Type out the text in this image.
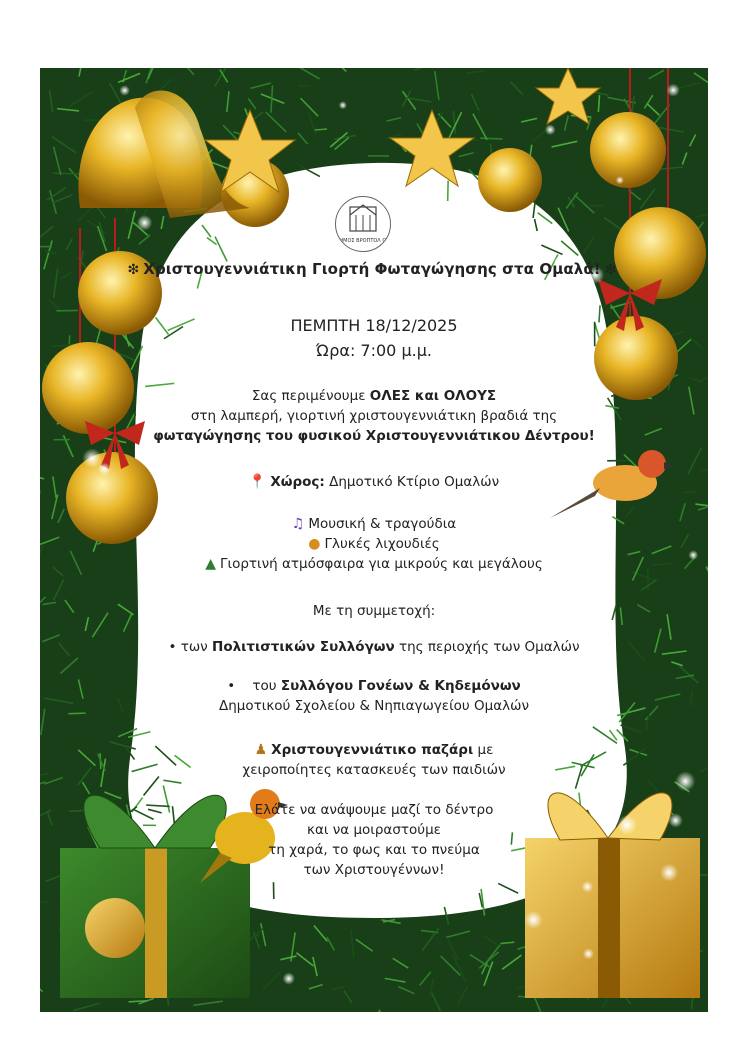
ΔΗΜΟΣ ΒΡΟΠΤΟΛ ΟΝ
❇ Χριστουγεννιάτικη Γιορτή Φωταγώγησης στα Ομαλά! ❇
ΠΕΜΠΤΗ 18/12/2025
Ώρα: 7:00 μ.μ.
Σας περιμένουμε ΟΛΕΣ και ΟΛΟΥΣ
στη λαμπερή, γιορτινή χριστουγεννιάτικη βραδιά της
φωταγώγησης του φυσικού Χριστουγεννιάτικου Δέντρου!
📍 Χώρος: Δημοτικό Κτίριο Ομαλών
♫ Μουσική & τραγούδια
● Γλυκές λιχουδιές
▲ Γιορτινή ατμόσφαιρα για μικρούς και μεγάλους
Με τη συμμετοχή:
• των Πολιτιστικών Συλλόγων της περιοχής των Ομαλών
•    του Συλλόγου Γονέων & Κηδεμόνων
Δημοτικού Σχολείου & Νηπιαγωγείου Ομαλών
♟ Χριστουγεννιάτικο παζάρι με
χειροποίητες κατασκευές των παιδιών
Ελάτε να ανάψουμε μαζί το δέντρο
και να μοιραστούμε
τη χαρά, το φως και το πνεύμα
των Χριστουγέννων!
